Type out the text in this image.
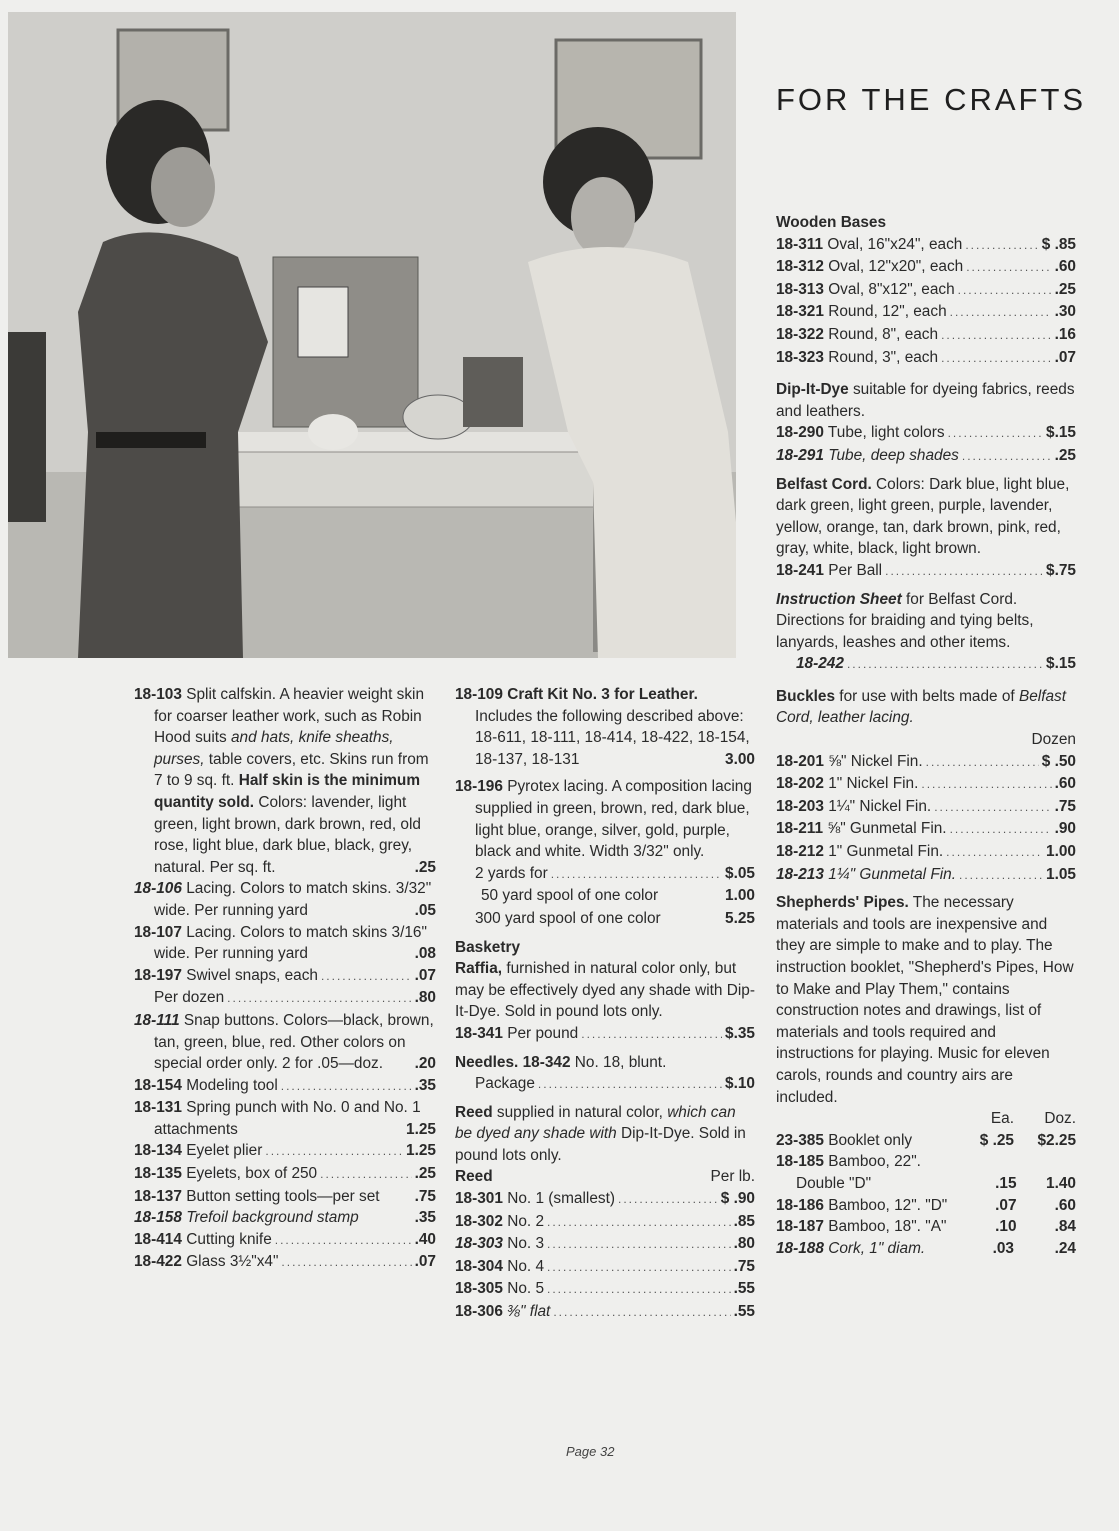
FOR THE CRAFTS
18-103 Split calfskin. A heavier weight skin for coarser leather work, such as Robin Hood suits and hats, knife sheaths, purses, table covers, etc. Skins run from 7 to 9 sq. ft. Half skin is the minimum quantity sold. Colors: lavender, light green, light brown, dark brown, red, old rose, light blue, dark blue, black, grey, natural. Per sq. ft.	.25
18-106 Lacing. Colors to match skins. 3/32" wide. Per running yard	.05
18-107 Lacing. Colors to match skins 3/16" wide. Per running yard	.08
18-197 Swivel snaps, each .....	.07
Per dozen .....	.80
18-111 Snap buttons. Colors—black, brown, tan, green, blue, red. Other colors on special order only. 2 for .05—doz. .20
18-154 Modeling tool .....	.35
18-131 Spring punch with No. 0 and No. 1 attachments	1.25
18-134 Eyelet plier .....	1.25
18-135 Eyelets, box of 250 .....	.25
18-137 Button setting tools—per set .75
18-158 Trefoil background stamp	.35
18-414 Cutting knife .....	.40
18-422 Glass 3½"x4" .....	.07
18-109 Craft Kit No. 3 for Leather. Includes the following described above: 18-611, 18-111, 18-414, 18-422, 18-154, 18-137, 18-131	3.00
18-196 Pyrotex lacing. A composition lacing supplied in green, brown, red, dark blue, light blue, orange, silver, gold, purple, black and white. Width 3/32" only.
2 yards for .....	$.05
50 yard spool of one color	1.00
300 yard spool of one color	5.25
Basketry
Raffia, furnished in natural color only, but may be effectively dyed any shade with Dip-It-Dye. Sold in pound lots only.
18-341 Per pound .....	$.35
Needles. 18-342 No. 18, blunt.
Package .....	$.10
Reed supplied in natural color, which can be dyed any shade with Dip-It-Dye. Sold in pound lots only.
Reed	Per lb.
18-301 No. 1 (smallest) .....	$ .90
18-302 No. 2 .....	.85
18-303 No. 3 .....	.80
18-304 No. 4 .....	.75
18-305 No. 5 .....	.55
18-306 ⅜" flat .....	.55
Wooden Bases
18-311 Oval, 16"x24", each .....	$ .85
18-312 Oval, 12"x20", each .....	.60
18-313 Oval, 8"x12", each .....	.25
18-321 Round, 12", each .....	.30
18-322 Round, 8", each .....	.16
18-323 Round, 3", each .....	.07
Dip-It-Dye suitable for dyeing fabrics, reeds and leathers.
18-290 Tube, light colors .....	$.15
18-291 Tube, deep shades .....	.25
Belfast Cord. Colors: Dark blue, light blue, dark green, light green, purple, lavender, yellow, orange, tan, dark brown, pink, red, gray, white, black, light brown.
18-241 Per Ball .....	$.75
Instruction Sheet for Belfast Cord. Directions for braiding and tying belts, lanyards, leashes and other items.
18-242 .....	$.15
Buckles for use with belts made of Belfast Cord, leather lacing.
Dozen
18-201 ⅝" Nickel Fin. .....	$ .50
18-202 1" Nickel Fin. .....	.60
18-203 1¼" Nickel Fin. .....	.75
18-211 ⅝" Gunmetal Fin. .....	.90
18-212 1" Gunmetal Fin. .....	1.00
18-213 1¼" Gunmetal Fin. .....	1.05
Shepherds' Pipes. The necessary materials and tools are inexpensive and they are simple to make and to play. The instruction booklet, "Shepherd's Pipes, How to Make and Play Them," contains construction notes and drawings, list of materials and tools required and instructions for playing. Music for eleven carols, rounds and country airs are included.
Ea.	Doz.
23-385 Booklet only	$ .25	$2.25
18-185 Bamboo, 22". Double "D"	.15	1.40
18-186 Bamboo, 12". "D"	.07	.60
18-187 Bamboo, 18". "A"	.10	.84
18-188 Cork, 1" diam.	.03	.24
Page 32
